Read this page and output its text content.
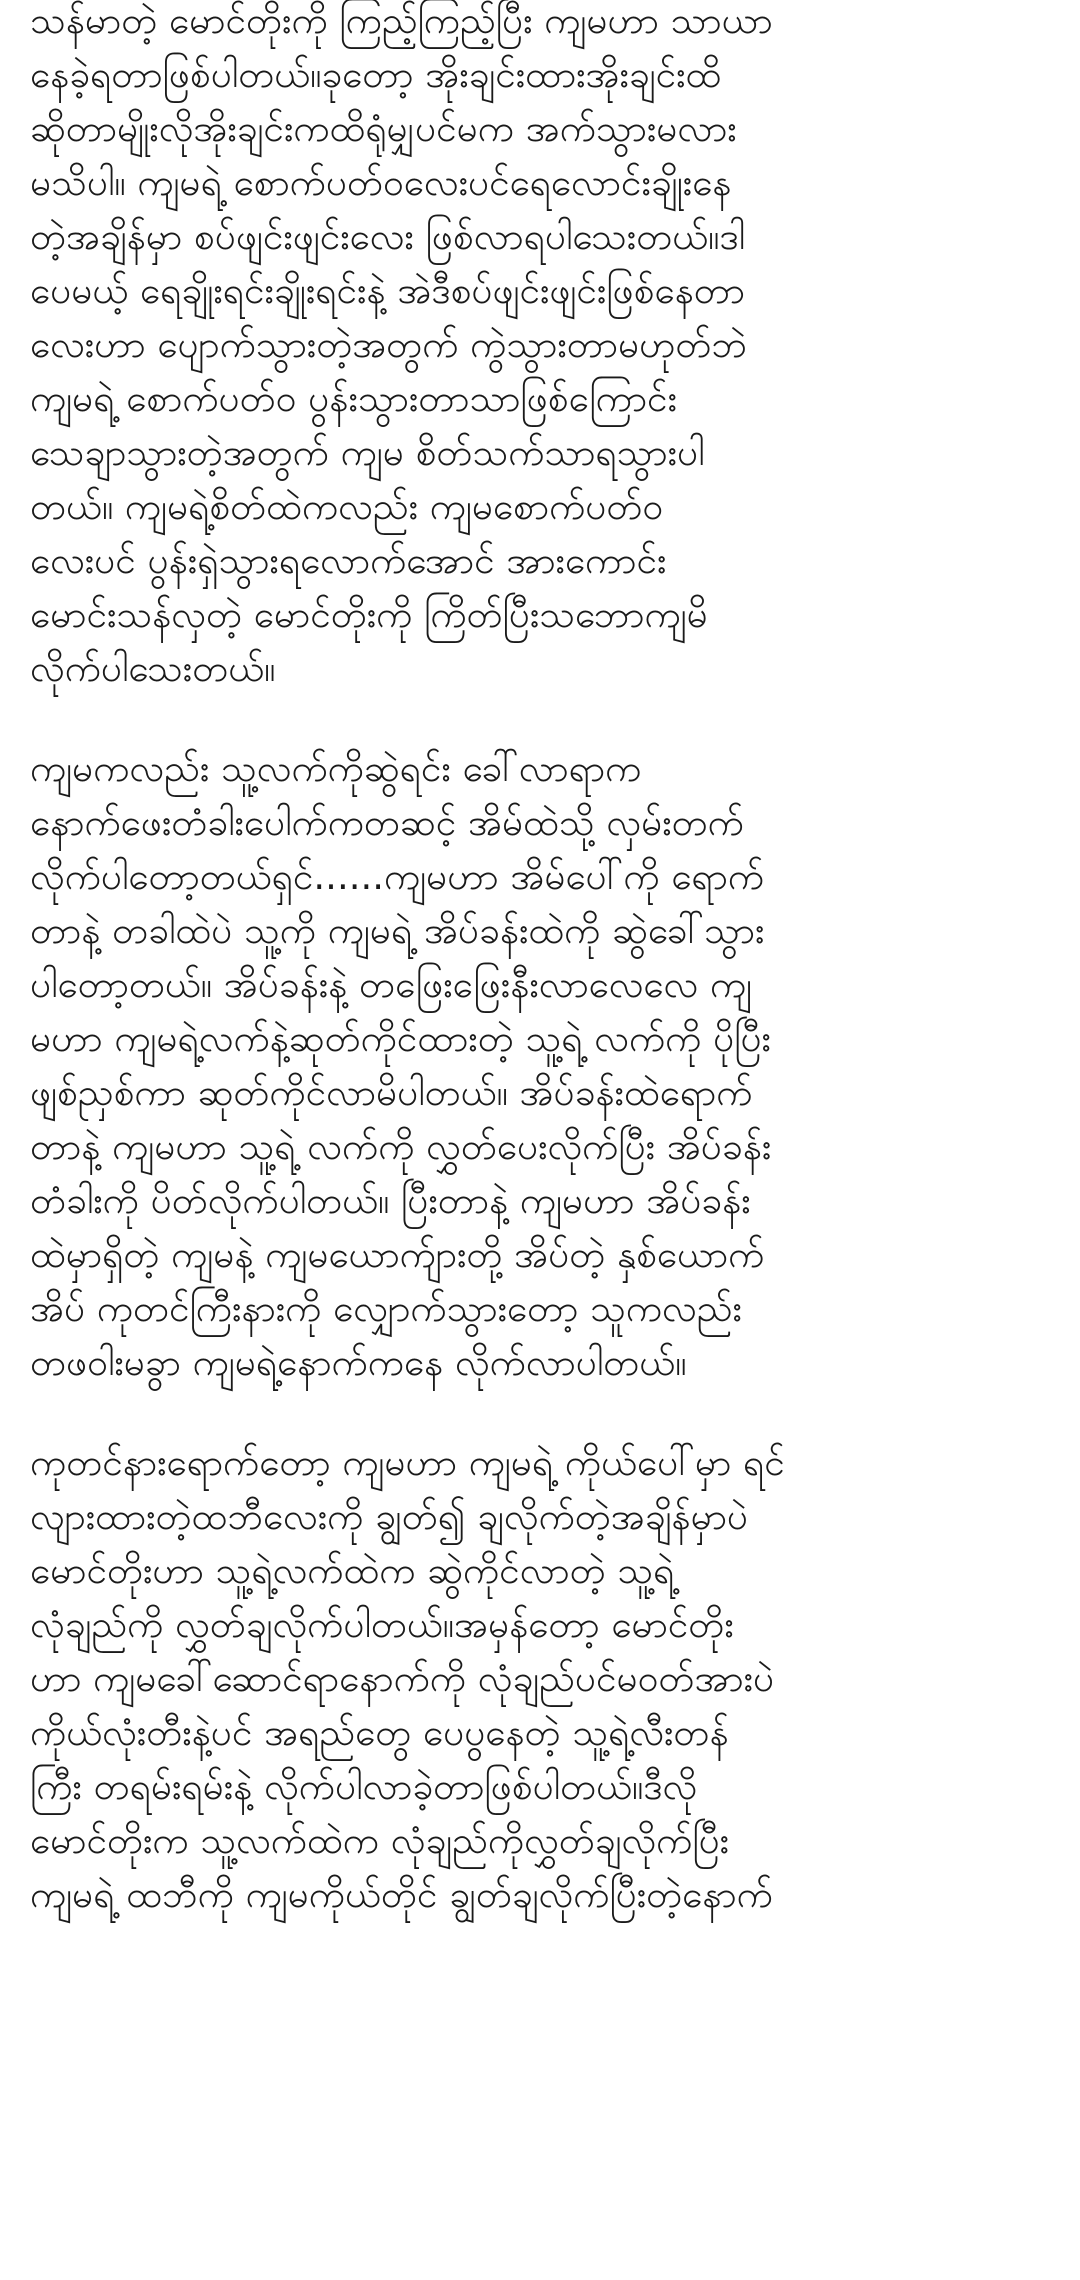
သန်မာတဲ့ မောင်တိုးကို ကြည့်ကြည့်ပြီး ကျမဟာ သာယာ
နေခဲ့ရတာဖြစ်ပါတယ်။ခုတော့ အိုးချင်းထားအိုးချင်းထိ
ဆိုတာမျိုးလိုအိုးချင်းကထိရုံမျှပင်မက အက်သွားမလား
မသိပါ။ ကျမရဲ့ စောက်ပတ်ဝလေးပင်ရေလောင်းချိုးနေ
တဲ့အချိန်မှာ စပ်ဖျင်းဖျင်းလေး ဖြစ်လာရပါသေးတယ်။ဒါ
ပေမယ့် ရေချိုးရင်းချိုးရင်းနဲ့ အဲဒီစပ်ဖျင်းဖျင်းဖြစ်နေတာ
လေးဟာ ပျောက်သွားတဲ့အတွက် ကွဲသွားတာမဟုတ်ဘဲ
ကျမရဲ့ စောက်ပတ်ဝ ပွန်းသွားတာသာဖြစ်ကြောင်း
သေချာသွားတဲ့အတွက် ကျမ စိတ်သက်သာရသွားပါ
တယ်။ ကျမရဲ့စိတ်ထဲကလည်း ကျမစောက်ပတ်ဝ
လေးပင် ပွန်းရှဲသွားရလောက်အောင် အားကောင်း
မောင်းသန်လှတဲ့ မောင်တိုးကို ကြိတ်ပြီးသဘောကျမိ
လိုက်ပါသေးတယ်။
ကျမကလည်း သူ့လက်ကိုဆွဲရင်း ခေါ်လာရာက
နောက်ဖေးတံခါးပေါက်ကတဆင့် အိမ်ထဲသို့ လှမ်းတက်
လိုက်ပါတော့တယ်ရှင်......ကျမဟာ အိမ်ပေါ်ကို ရောက်
တာနဲ့ တခါထဲပဲ သူ့ကို ကျမရဲ့ အိပ်ခန်းထဲကို ဆွဲခေါ်သွား
ပါတော့တယ်။ အိပ်ခန်းနဲ့ တဖြေးဖြေးနီးလာလေလေ ကျ
မဟာ ကျမရဲ့လက်နဲ့ဆုတ်ကိုင်ထားတဲ့ သူ့ရဲ့ လက်ကို ပိုပြီး
ဖျစ်ညှစ်ကာ ဆုတ်ကိုင်လာမိပါတယ်။ အိပ်ခန်းထဲရောက်
တာနဲ့ ကျမဟာ သူ့ရဲ့ လက်ကို လွှတ်ပေးလိုက်ပြီး အိပ်ခန်း
တံခါးကို ပိတ်လိုက်ပါတယ်။ ပြီးတာနဲ့ ကျမဟာ အိပ်ခန်း
ထဲမှာရှိတဲ့ ကျမနဲ့ ကျမယောက်ျားတို့ အိပ်တဲ့ နှစ်ယောက်
အိပ် ကုတင်ကြီးနားကို လျှောက်သွားတော့ သူကလည်း
တဖဝါးမခွာ ကျမရဲ့နောက်ကနေ လိုက်လာပါတယ်။
ကုတင်နားရောက်တော့ ကျမဟာ ကျမရဲ့ ကိုယ်ပေါ်မှာ ရင်
လျားထားတဲ့ထဘီလေးကို ချွတ်၍ ချလိုက်တဲ့အချိန်မှာပဲ
မောင်တိုးဟာ သူ့ရဲ့လက်ထဲက ဆွဲကိုင်လာတဲ့ သူ့ရဲ့
လုံချည်ကို လွှတ်ချလိုက်ပါတယ်။အမှန်တော့ မောင်တိုး
ဟာ ကျမခေါ်ဆောင်ရာနောက်ကို လုံချည်ပင်မဝတ်အားပဲ
ကိုယ်လုံးတီးနဲ့ပင် အရည်တွေ ပေပွနေတဲ့ သူ့ရဲ့လီးတန်
ကြီး တရမ်းရမ်းနဲ့ လိုက်ပါလာခဲ့တာဖြစ်ပါတယ်။ဒီလို
မောင်တိုးက သူ့လက်ထဲက လုံချည်ကိုလွှတ်ချလိုက်ပြီး
ကျမရဲ့ ထဘီကို ကျမကိုယ်တိုင် ချွတ်ချလိုက်ပြီးတဲ့နောက်
